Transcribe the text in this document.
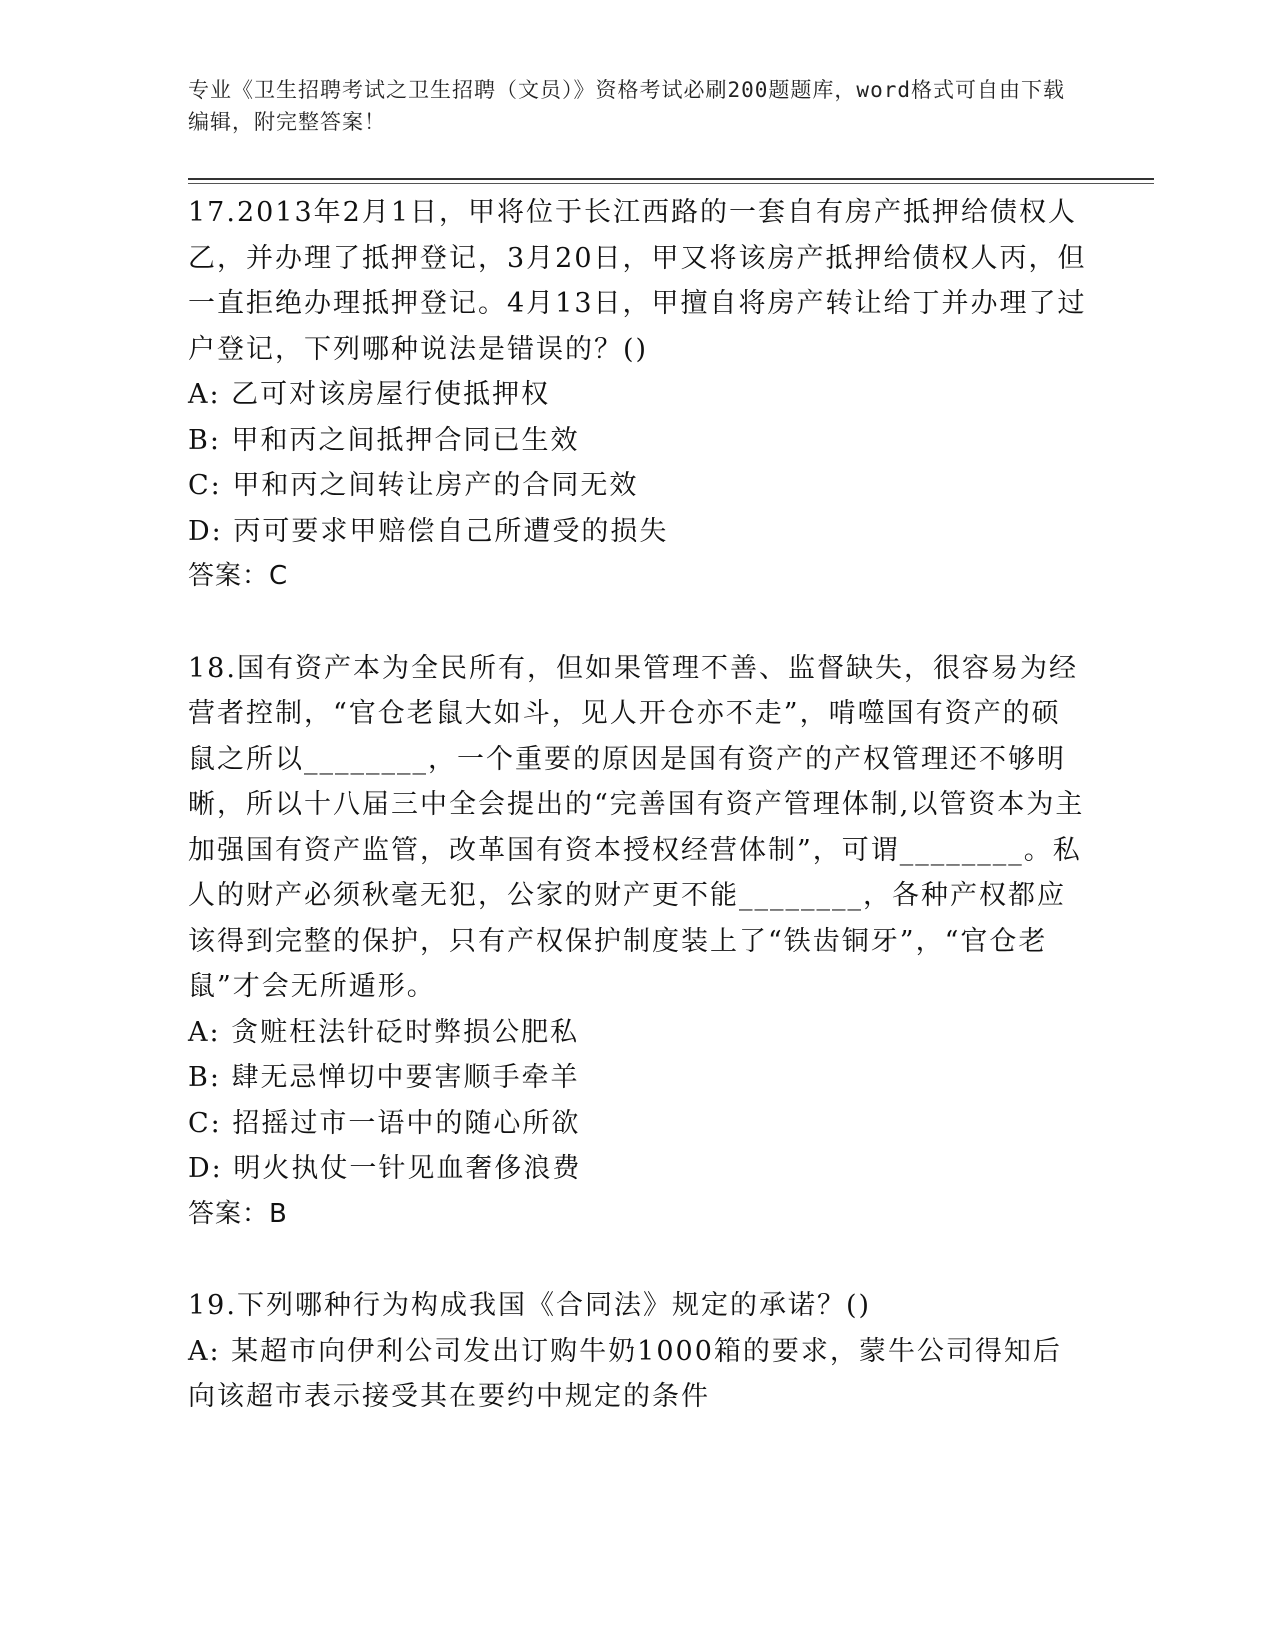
专业《卫生招聘考试之卫生招聘（文员）》资格考试必刷200题题库，word格式可自由下载编辑，附完整答案！

17.2013年2月1日，甲将位于长江西路的一套自有房产抵押给债权人乙，并办理了抵押登记，3月20日，甲又将该房产抵押给债权人丙，但一直拒绝办理抵押登记。4月13日，甲擅自将房产转让给丁并办理了过户登记，下列哪种说法是错误的？()

A: 乙可对该房屋行使抵押权

B: 甲和丙之间抵押合同已生效

C: 甲和丙之间转让房产的合同无效

D: 丙可要求甲赔偿自己所遭受的损失

答案：C

18.国有资产本为全民所有，但如果管理不善、监督缺失，很容易为经营者控制，“官仓老鼠大如斗，见人开仓亦不走”，啃噬国有资产的硕鼠之所以________，一个重要的原因是国有资产的产权管理还不够明晰，所以十八届三中全会提出的“完善国有资产管理体制,以管资本为主加强国有资产监管，改革国有资本授权经营体制”，可谓________。私人的财产必须秋毫无犯，公家的财产更不能________，各种产权都应该得到完整的保护，只有产权保护制度装上了“铁齿铜牙”，“官仓老鼠”才会无所遁形。

A: 贪赃枉法针砭时弊损公肥私

B: 肆无忌惮切中要害顺手牵羊

C: 招摇过市一语中的随心所欲

D: 明火执仗一针见血奢侈浪费

答案：B

19.下列哪种行为构成我国《合同法》规定的承诺？()

A: 某超市向伊利公司发出订购牛奶1000箱的要求，蒙牛公司得知后向该超市表示接受其在要约中规定的条件
